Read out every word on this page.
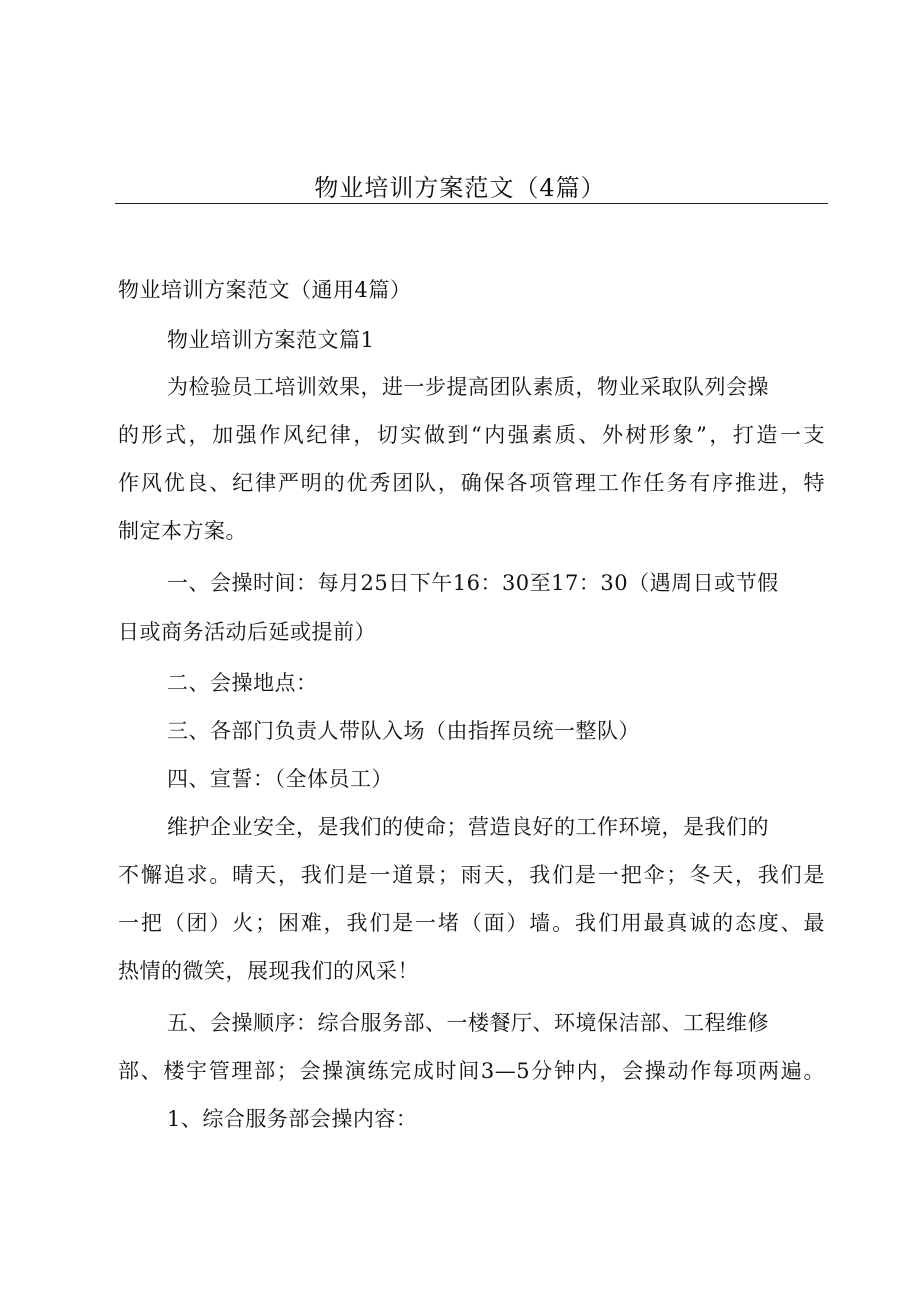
物业培训方案范文（4篇）
物业培训方案范文（通用4篇）
物业培训方案范文篇1
为检验员工培训效果，进一步提高团队素质，物业采取队列会操
的形式，加强作风纪律，切实做到“内强素质、外树形象”，打造一支
作风优良、纪律严明的优秀团队，确保各项管理工作任务有序推进，特
制定本方案。
一、会操时间：每月25日下午16：30至17：30（遇周日或节假
日或商务活动后延或提前）
二、会操地点：
三、各部门负责人带队入场（由指挥员统一整队）
四、宣誓：（全体员工）
维护企业安全，是我们的使命；营造良好的工作环境，是我们的
不懈追求。晴天，我们是一道景；雨天，我们是一把伞；冬天，我们是
一把（团）火；困难，我们是一堵（面）墙。我们用最真诚的态度、最
热情的微笑，展现我们的风采！
五、会操顺序：综合服务部、一楼餐厅、环境保洁部、工程维修
部、楼宇管理部；会操演练完成时间3—5分钟内，会操动作每项两遍。
1、综合服务部会操内容：
